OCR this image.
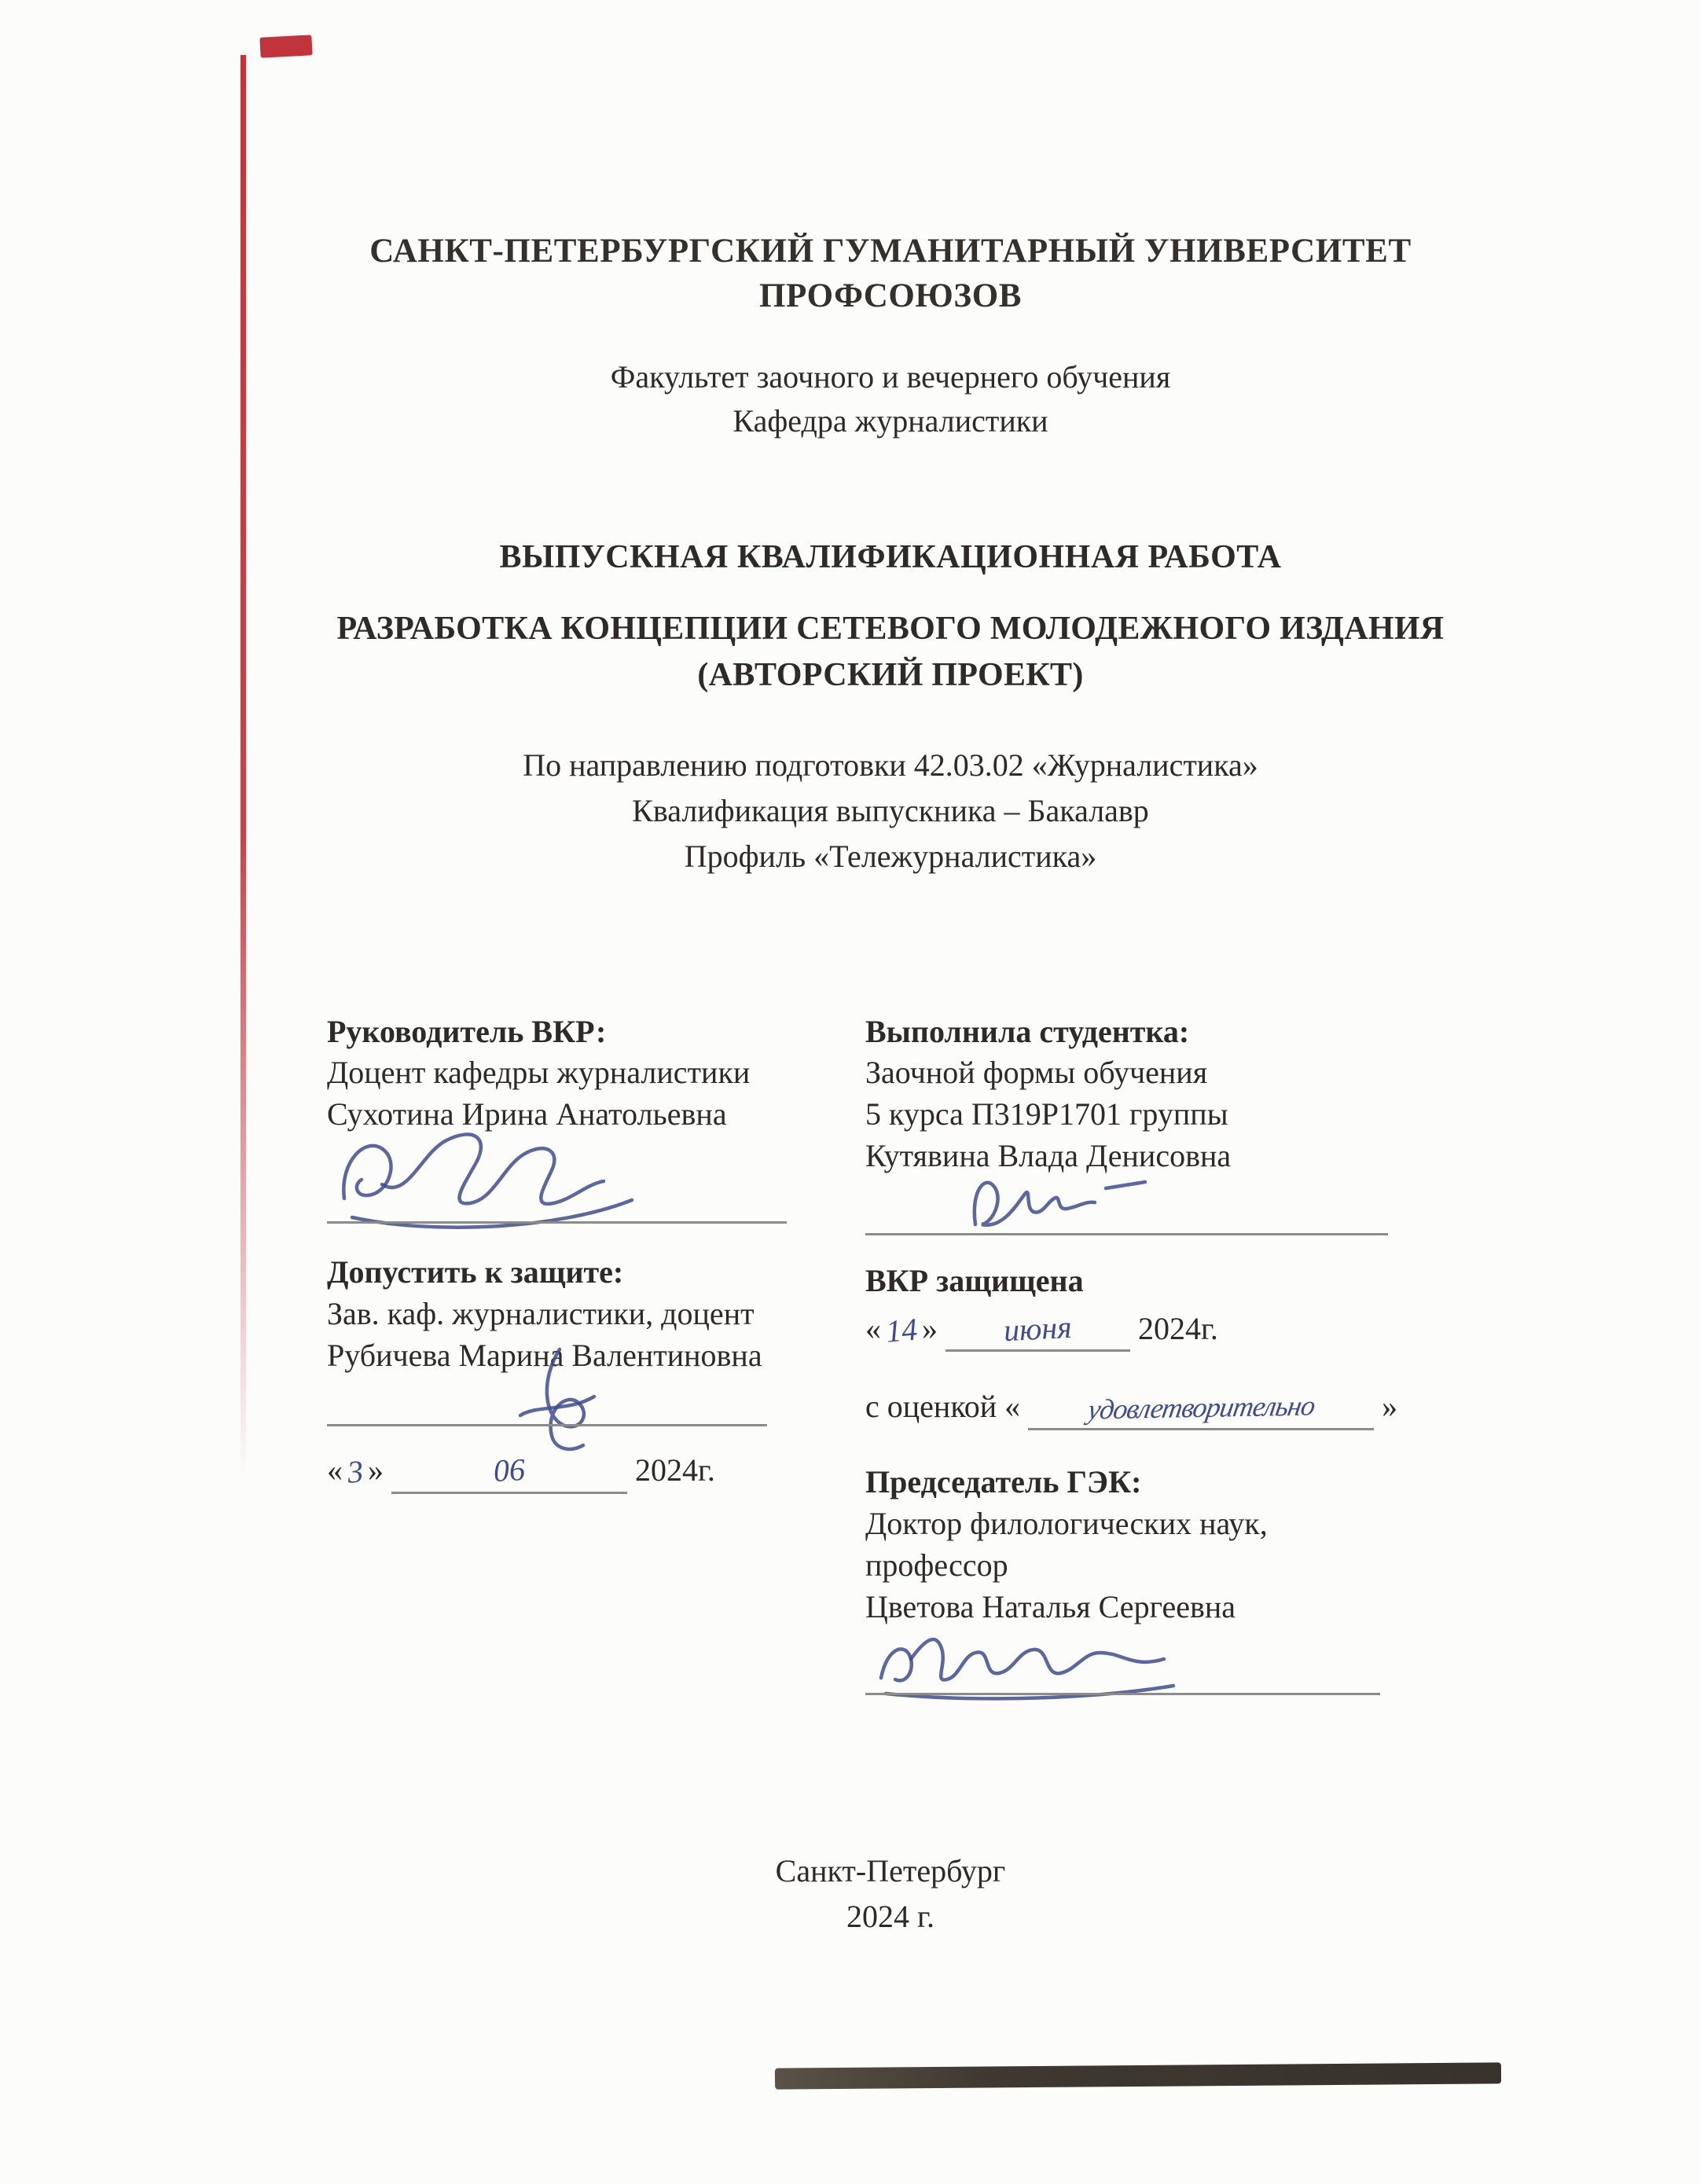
САНКТ-ПЕТЕРБУРГСКИЙ ГУМАНИТАРНЫЙ УНИВЕРСИТЕТ
ПРОФСОЮЗОВ
Факультет заочного и вечернего обучения
Кафедра журналистики
ВЫПУСКНАЯ КВАЛИФИКАЦИОННАЯ РАБОТА
РАЗРАБОТКА КОНЦЕПЦИИ СЕТЕВОГО МОЛОДЕЖНОГО ИЗДАНИЯ
(АВТОРСКИЙ ПРОЕКТ)
По направлению подготовки 42.03.02 «Журналистика»
Квалификация выпускника – Бакалавр
Профиль «Тележурналистика»
Руководитель ВКР:
Доцент кафедры журналистики
Сухотина Ирина Анатольевна
Допустить к защите:
Зав. каф. журналистики, доцент
Рубичева Марина Валентиновна
« 3 »	06	2024г.
Выполнила студентка:
Заочной формы обучения
5 курса П319Р1701 группы
Кутявина Влада Денисовна
ВКР защищена
« 14 »	июня	2024г.
с оценкой «	удовлетворительно	»
Председатель ГЭК:
Доктор филологических наук,
профессор
Цветова Наталья Сергеевна
Санкт-Петербург
2024 г.
